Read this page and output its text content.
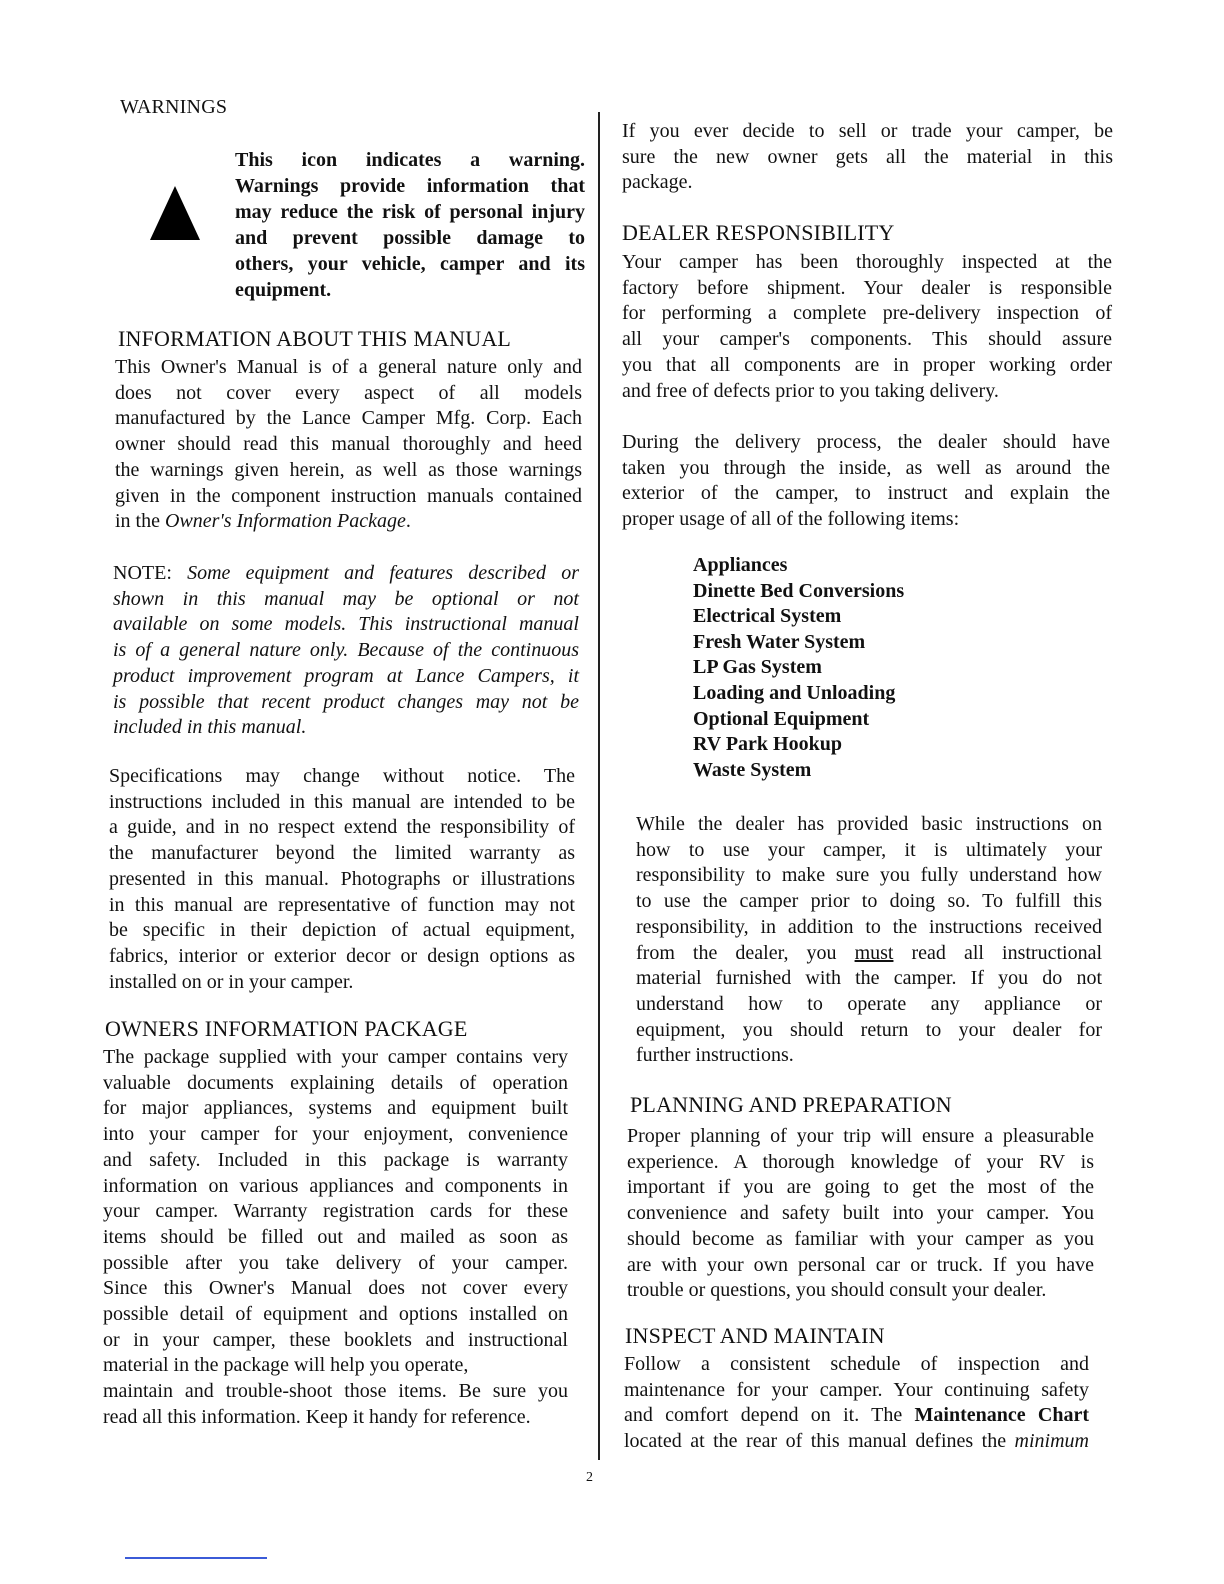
WARNINGS
This icon indicates a warning.
Warnings provide information that
may reduce the risk of personal injury
and prevent possible damage to
others, your vehicle, camper and its
equipment.
INFORMATION ABOUT THIS MANUAL
This Owner's Manual is of a general nature only and
does not cover every aspect of all models
manufactured by the Lance Camper Mfg. Corp. Each
owner should read this manual thoroughly and heed
the warnings given herein, as well as those warnings
given in the component instruction manuals contained
in the Owner's Information Package.
NOTE: Some equipment and features described or
shown in this manual may be optional or not
available on some models. This instructional manual
is of a general nature only. Because of the continuous
product improvement program at Lance Campers, it
is possible that recent product changes may not be
included in this manual.
Specifications may change without notice. The
instructions included in this manual are intended to be
a guide, and in no respect extend the responsibility of
the manufacturer beyond the limited warranty as
presented in this manual. Photographs or illustrations
in this manual are representative of function may not
be specific in their depiction of actual equipment,
fabrics, interior or exterior decor or design options as
installed on or in your camper.
OWNERS INFORMATION PACKAGE
The package supplied with your camper contains very
valuable documents explaining details of operation
for major appliances, systems and equipment built
into your camper for your enjoyment, convenience
and safety. Included in this package is warranty
information on various appliances and components in
your camper. Warranty registration cards for these
items should be filled out and mailed as soon as
possible after you take delivery of your camper.
Since this Owner's Manual does not cover every
possible detail of equipment and options installed on
or in your camper, these booklets and instructional
material in the package will help you operate,
maintain and trouble-shoot those items. Be sure you
read all this information. Keep it handy for reference.
If you ever decide to sell or trade your camper, be
sure the new owner gets all the material in this
package.
DEALER RESPONSIBILITY
Your camper has been thoroughly inspected at the
factory before shipment. Your dealer is responsible
for performing a complete pre-delivery inspection of
all your camper's components. This should assure
you that all components are in proper working order
and free of defects prior to you taking delivery.
During the delivery process, the dealer should have
taken you through the inside, as well as around the
exterior of the camper, to instruct and explain the
proper usage of all of the following items:
Appliances
Dinette Bed Conversions
Electrical System
Fresh Water System
LP Gas System
Loading and Unloading
Optional Equipment
RV Park Hookup
Waste System
While the dealer has provided basic instructions on
how to use your camper, it is ultimately your
responsibility to make sure you fully understand how
to use the camper prior to doing so. To fulfill this
responsibility, in addition to the instructions received
from the dealer, you must read all instructional
material furnished with the camper. If you do not
understand how to operate any appliance or
equipment, you should return to your dealer for
further instructions.
PLANNING AND PREPARATION
Proper planning of your trip will ensure a pleasurable
experience. A thorough knowledge of your RV is
important if you are going to get the most of the
convenience and safety built into your camper. You
should become as familiar with your camper as you
are with your own personal car or truck. If you have
trouble or questions, you should consult your dealer.
INSPECT AND MAINTAIN
Follow a consistent schedule of inspection and
maintenance for your camper. Your continuing safety
and comfort depend on it. The Maintenance Chart
located at the rear of this manual defines the minimum
2
